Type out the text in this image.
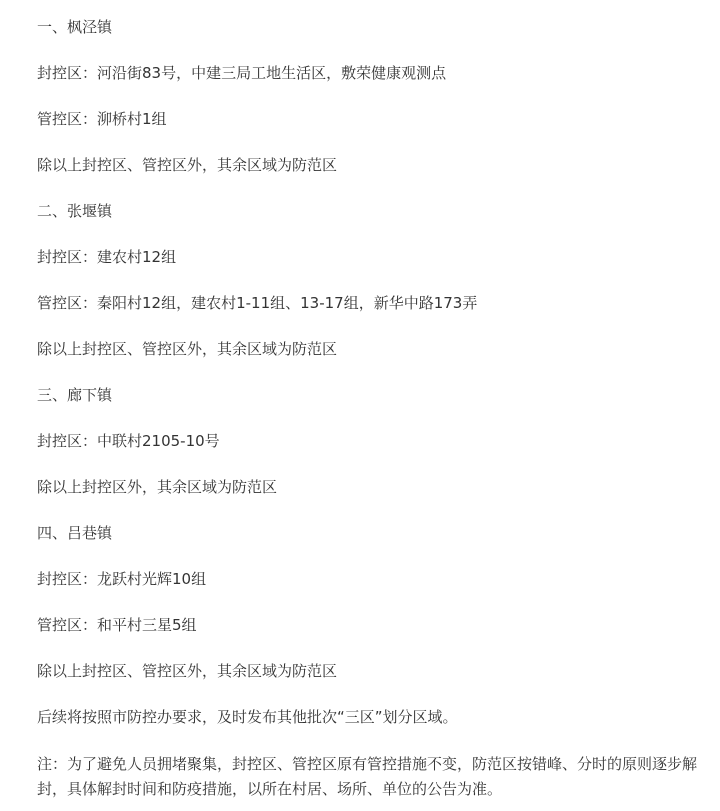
一、枫泾镇

封控区：河沿街83号，中建三局工地生活区，敷荣健康观测点

管控区：泖桥村1组

除以上封控区、管控区外，其余区域为防范区

二、张堰镇

封控区：建农村12组

管控区：秦阳村12组，建农村1-11组、13-17组，新华中路173弄

除以上封控区、管控区外，其余区域为防范区

三、廊下镇

封控区：中联村2105-10号

除以上封控区外，其余区域为防范区

四、吕巷镇

封控区：龙跃村光辉10组

管控区：和平村三星5组

除以上封控区、管控区外，其余区域为防范区

后续将按照市防控办要求，及时发布其他批次“三区”划分区域。

注：为了避免人员拥堵聚集，封控区、管控区原有管控措施不变，防范区按错峰、分时的原则逐步解封，具体解封时间和防疫措施，以所在村居、场所、单位的公告为准。
